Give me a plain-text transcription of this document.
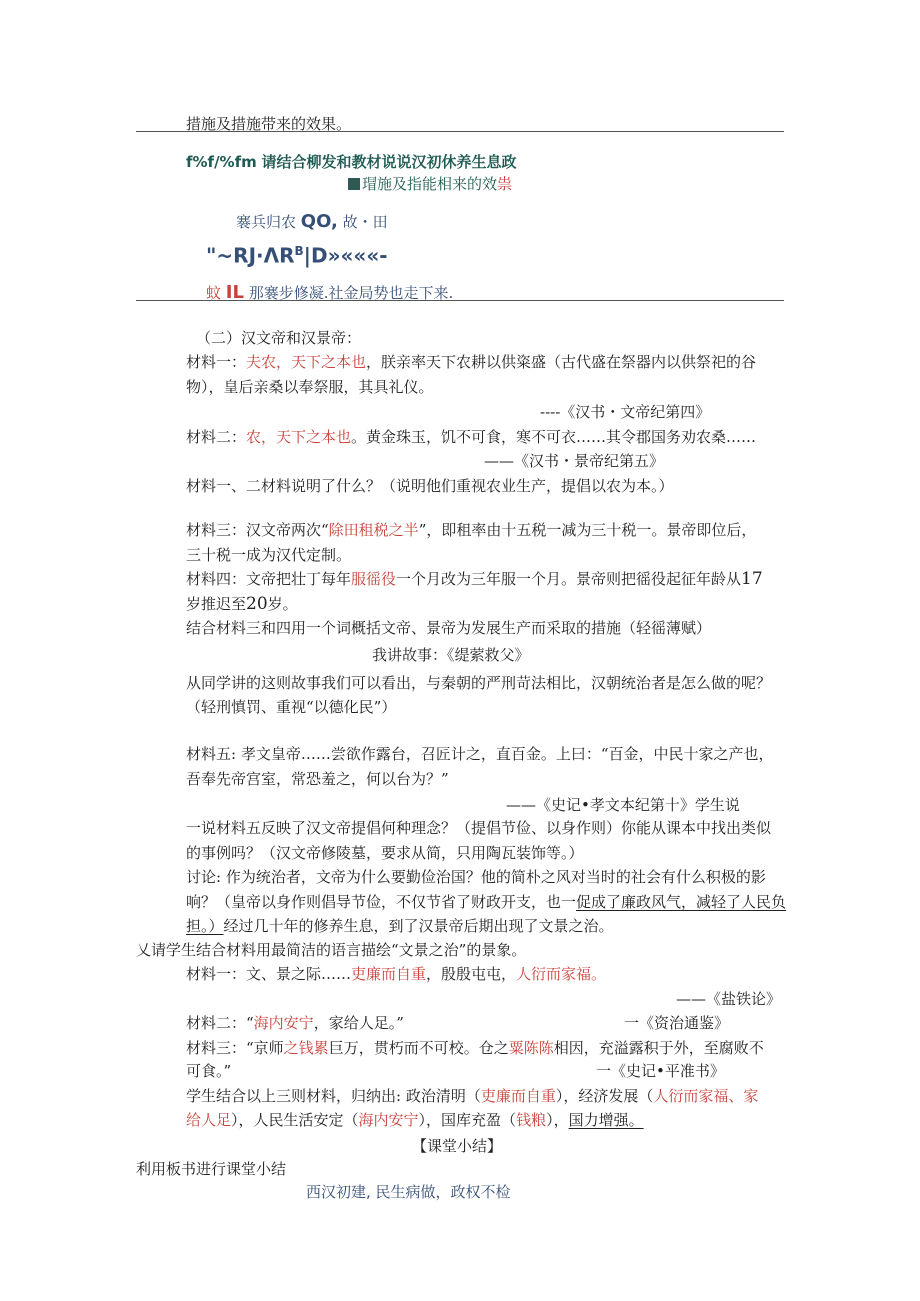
措施及措施带来的效果。
f%f/%fm 请结合柳发和教材说说汉初休养生息政
瑁施及指能相来的效祟
褰兵归农 QO, 故・田
"$\sim RJ\cdot\Lambda R^B|D»«««-$
蚊 IL 那褰步修凝.社金局势也走下来.
（二）汉文帝和汉景帝：
材料一：夫农，天下之本也，朕亲率天下农耕以供粢盛（古代盛在祭器内以供祭祀的谷
物），皇后亲桑以奉祭服，其具礼仪。
----《汉书・文帝纪第四》
材料二：农，天下之本也。黄金珠玉，饥不可食，寒不可衣……其令郡国务劝农桑……
——《汉书・景帝纪第五》
材料一、二材料说明了什么？（说明他们重视农业生产，提倡以农为本。）
材料三：汉文帝两次“除田租税之半”，即租率由十五税一减为三十税一。景帝即位后，
三十税一成为汉代定制。
材料四：文帝把壮丁每年服徭役一个月改为三年服一个月。景帝则把徭役起征年龄从17
岁推迟至20岁。
结合材料三和四用一个词概括文帝、景帝为发展生产而采取的措施（轻徭薄赋）
我讲故事：《缇萦救父》
从同学讲的这则故事我们可以看出，与秦朝的严刑苛法相比，汉朝统治者是怎么做的呢？
（轻刑慎罚、重视“以德化民”）
材料五: 孝文皇帝……尝欲作露台，召匠计之，直百金。上曰：“百金，中民十家之产也，
吾奉先帝宫室，常恐羞之，何以台为？”
——《史记•孝文本纪第十》学生说
一说材料五反映了汉文帝提倡何种理念？（提倡节俭、以身作则）你能从课本中找出类似
的事例吗？（汉文帝修陵墓，要求从简，只用陶瓦装饰等。）
讨论: 作为统治者，文帝为什么要勤俭治国？他的简朴之风对当时的社会有什么积极的影
响？（皇帝以身作则倡导节俭，不仅节省了财政开支，也一促成了廉政风气，减轻了人民负
担。）经过几十年的修养生息，到了汉景帝后期出现了文景之治。
乂请学生结合材料用最简洁的语言描绘“文景之治”的景象。
材料一：文、景之际……吏廉而自重，殷殷屯屯，人衍而家福。
——《盐铁论》
材料二：“海内安宁，家给人足。”	一《资治通鉴》
材料三：“京师之钱累巨万，贯朽而不可校。仓之粟陈陈相因，充溢露积于外，至腐败不
可食。”	一《史记•平准书》
学生结合以上三则材料，归纳出: 政治清明（吏廉而自重），经济发展（人衍而家福、家
给人足），人民生活安定（海内安宁），国库充盈（钱粮），国力增强。
【课堂小结】
利用板书进行课堂小结
西汉初建, 民生病做，政权不检
